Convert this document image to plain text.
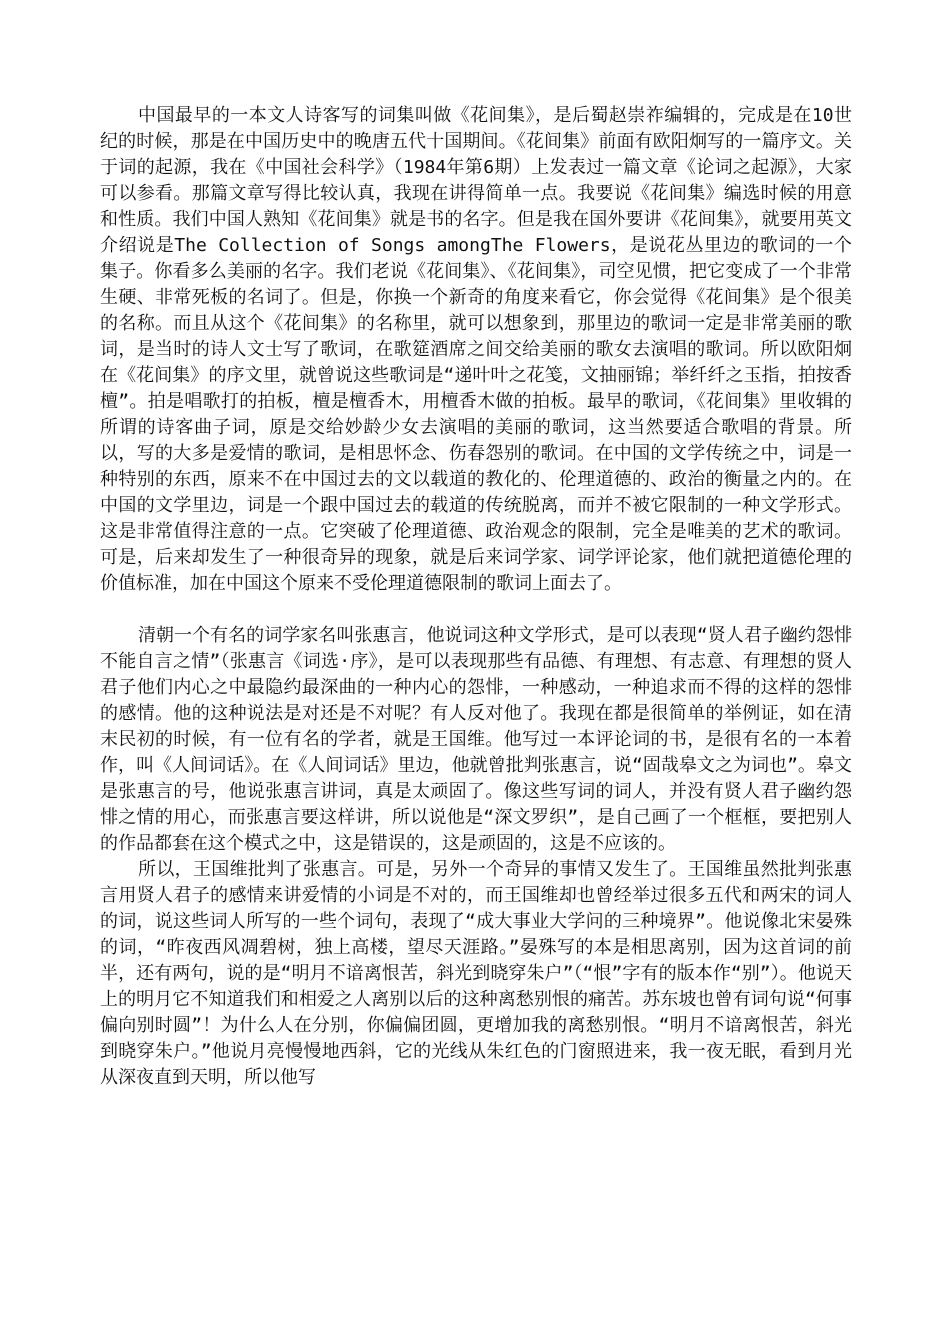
中国最早的一本文人诗客写的词集叫做《花间集》，是后蜀赵崇祚编辑的，完成是在10世纪的时候，那是在中国历史中的晚唐五代十国期间。《花间集》前面有欧阳炯写的一篇序文。关于词的起源，我在《中国社会科学》（1984年第6期）上发表过一篇文章《论词之起源》，大家可以参看。那篇文章写得比较认真，我现在讲得简单一点。我要说《花间集》编选时候的用意和性质。我们中国人熟知《花间集》就是书的名字。但是我在国外要讲《花间集》，就要用英文介绍说是The Collection of Songs amongThe Flowers，是说花丛里边的歌词的一个集子。你看多么美丽的名字。我们老说《花间集》、《花间集》，司空见惯，把它变成了一个非常生硬、非常死板的名词了。但是，你换一个新奇的角度来看它，你会觉得《花间集》是个很美的名称。而且从这个《花间集》的名称里，就可以想象到，那里边的歌词一定是非常美丽的歌词，是当时的诗人文士写了歌词，在歌筵酒席之间交给美丽的歌女去演唱的歌词。所以欧阳炯在《花间集》的序文里，就曾说这些歌词是“递叶叶之花笺，文抽丽锦；举纤纤之玉指，拍按香檀”。拍是唱歌打的拍板，檀是檀香木，用檀香木做的拍板。最早的歌词，《花间集》里收辑的所谓的诗客曲子词，原是交给妙龄少女去演唱的美丽的歌词，这当然要适合歌唱的背景。所以，写的大多是爱情的歌词，是相思怀念、伤春怨别的歌词。在中国的文学传统之中，词是一种特别的东西，原来不在中国过去的文以载道的教化的、伦理道德的、政治的衡量之内的。在中国的文学里边，词是一个跟中国过去的载道的传统脱离，而并不被它限制的一种文学形式。这是非常值得注意的一点。它突破了伦理道德、政治观念的限制，完全是唯美的艺术的歌词。可是，后来却发生了一种很奇异的现象，就是后来词学家、词学评论家，他们就把道德伦理的价值标准，加在中国这个原来不受伦理道德限制的歌词上面去了。

清朝一个有名的词学家名叫张惠言，他说词这种文学形式，是可以表现“贤人君子幽约怨悱不能自言之情”（张惠言《词选·序》，是可以表现那些有品德、有理想、有志意、有理想的贤人君子他们内心之中最隐约最深曲的一种内心的怨悱，一种感动，一种追求而不得的这样的怨悱的感情。他的这种说法是对还是不对呢？有人反对他了。我现在都是很简单的举例证，如在清末民初的时候，有一位有名的学者，就是王国维。他写过一本评论词的书，是很有名的一本着作，叫《人间词话》。在《人间词话》里边，他就曾批判张惠言，说“固哉皋文之为词也”。皋文是张惠言的号，他说张惠言讲词，真是太顽固了。像这些写词的词人，并没有贤人君子幽约怨悱之情的用心，而张惠言要这样讲，所以说他是“深文罗织”，是自己画了一个框框，要把别人的作品都套在这个模式之中，这是错误的，这是顽固的，这是不应该的。

所以，王国维批判了张惠言。可是，另外一个奇异的事情又发生了。王国维虽然批判张惠言用贤人君子的感情来讲爱情的小词是不对的，而王国维却也曾经举过很多五代和两宋的词人的词，说这些词人所写的一些个词句，表现了“成大事业大学问的三种境界”。他说像北宋晏殊的词，“昨夜西风凋碧树，独上高楼，望尽天涯路。”晏殊写的本是相思离别，因为这首词的前半，还有两句，说的是“明月不谙离恨苦，斜光到晓穿朱户”（“恨”字有的版本作“别”）。他说天上的明月它不知道我们和相爱之人离别以后的这种离愁别恨的痛苦。苏东坡也曾有词句说“何事偏向别时圆”！为什么人在分别，你偏偏团圆，更增加我的离愁别恨。“明月不谙离恨苦，斜光到晓穿朱户。”他说月亮慢慢地西斜，它的光线从朱红色的门窗照进来，我一夜无眠，看到月光从深夜直到天明，所以他写
